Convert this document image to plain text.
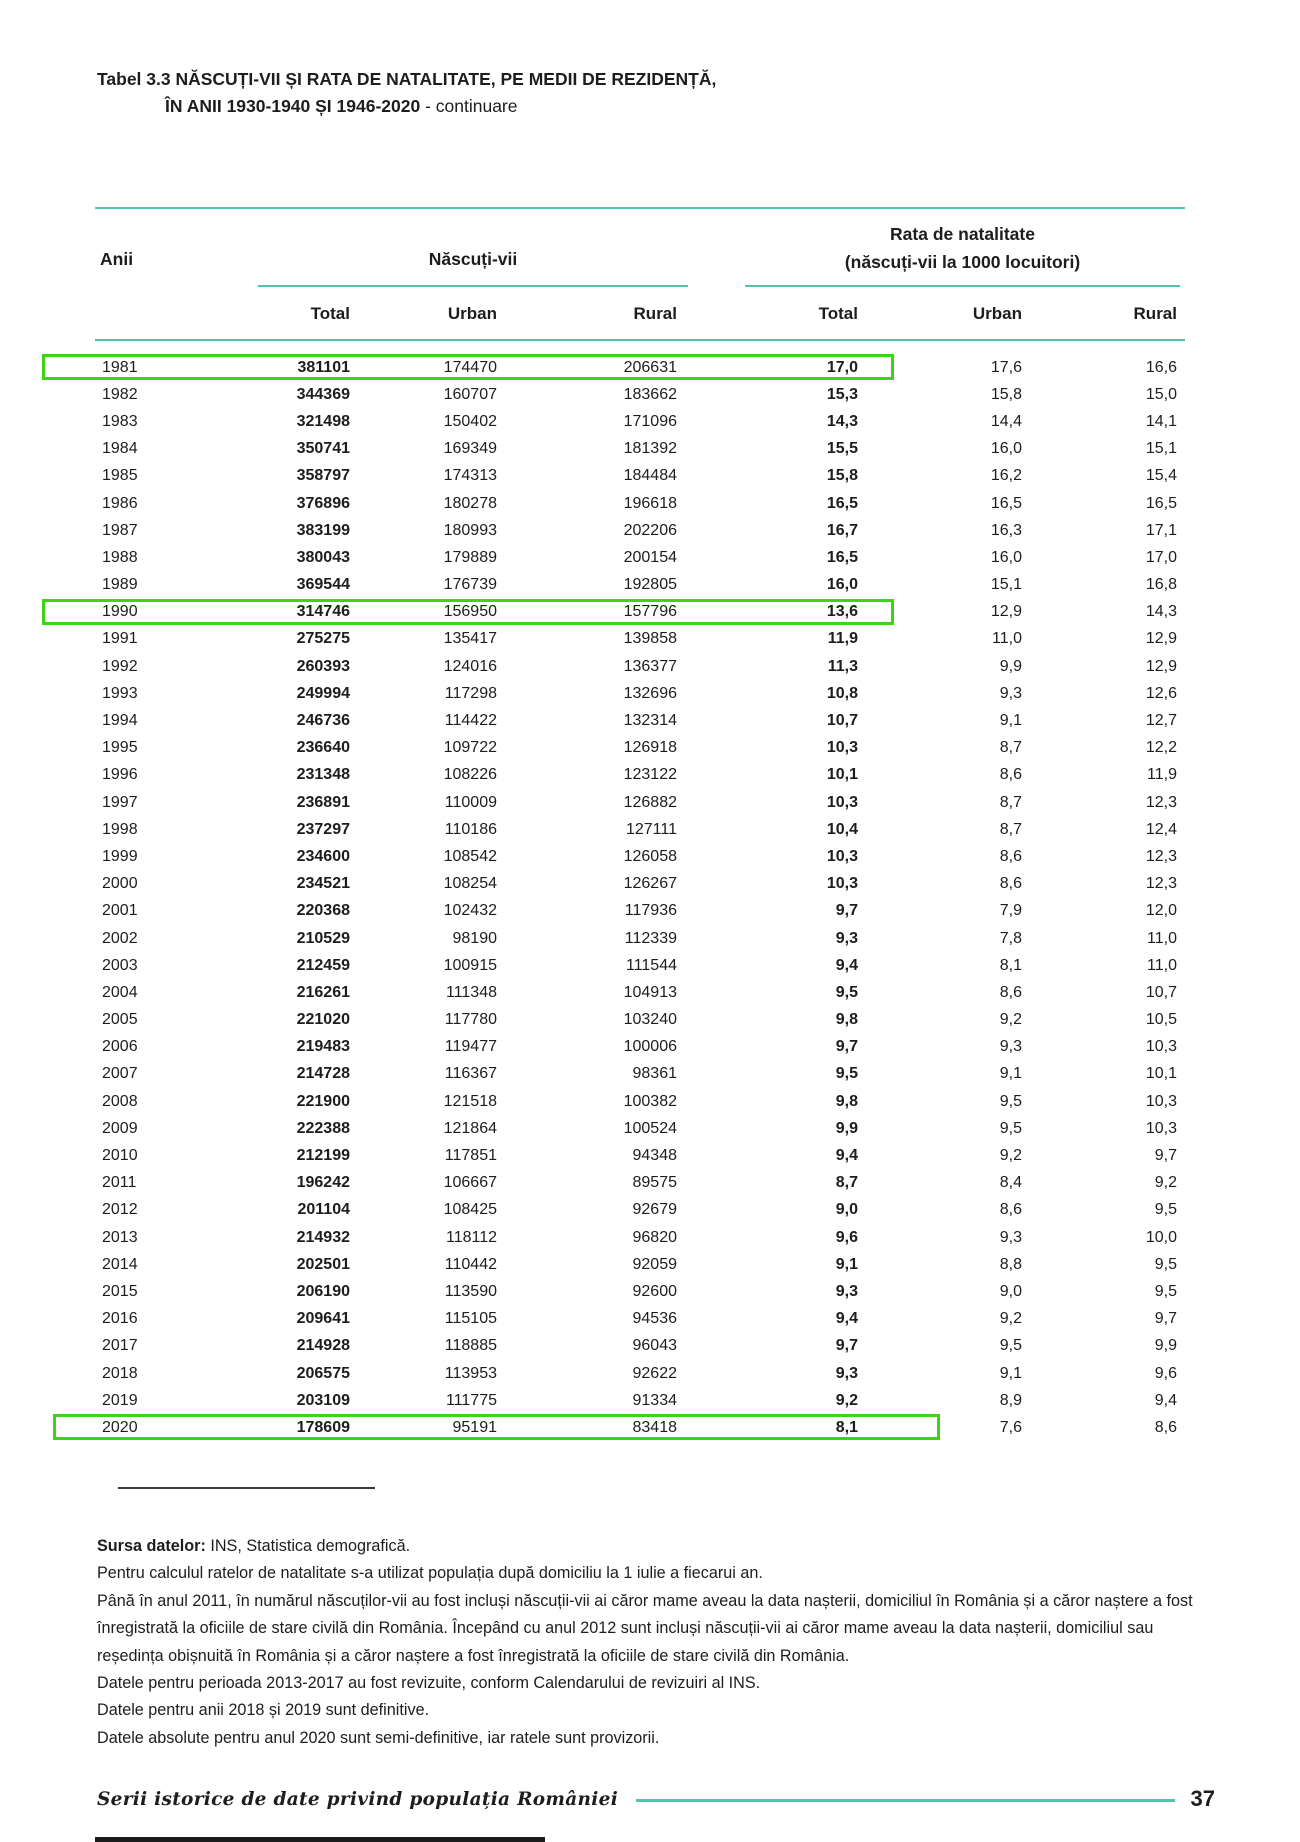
Tabel 3.3 NĂSCUȚI-VII ȘI RATA DE NATALITATE, PE MEDII DE REZIDENȚĂ,
ÎN ANII 1930-1940 ȘI 1946-2020 - continuare
Anii	Născuți-vii
Rata de natalitate
(născuți-vii la 1000 locuitori)
Total	Urban	Rural	Total	Urban	Rural
1981	381101	174470	206631	17,0	17,6	16,6
1982	344369	160707	183662	15,3	15,8	15,0
1983	321498	150402	171096	14,3	14,4	14,1
1984	350741	169349	181392	15,5	16,0	15,1
1985	358797	174313	184484	15,8	16,2	15,4
1986	376896	180278	196618	16,5	16,5	16,5
1987	383199	180993	202206	16,7	16,3	17,1
1988	380043	179889	200154	16,5	16,0	17,0
1989	369544	176739	192805	16,0	15,1	16,8
1990	314746	156950	157796	13,6	12,9	14,3
1991	275275	135417	139858	11,9	11,0	12,9
1992	260393	124016	136377	11,3	9,9	12,9
1993	249994	117298	132696	10,8	9,3	12,6
1994	246736	114422	132314	10,7	9,1	12,7
1995	236640	109722	126918	10,3	8,7	12,2
1996	231348	108226	123122	10,1	8,6	11,9
1997	236891	110009	126882	10,3	8,7	12,3
1998	237297	110186	127111	10,4	8,7	12,4
1999	234600	108542	126058	10,3	8,6	12,3
2000	234521	108254	126267	10,3	8,6	12,3
2001	220368	102432	117936	9,7	7,9	12,0
2002	210529	98190	112339	9,3	7,8	11,0
2003	212459	100915	111544	9,4	8,1	11,0
2004	216261	111348	104913	9,5	8,6	10,7
2005	221020	117780	103240	9,8	9,2	10,5
2006	219483	119477	100006	9,7	9,3	10,3
2007	214728	116367	98361	9,5	9,1	10,1
2008	221900	121518	100382	9,8	9,5	10,3
2009	222388	121864	100524	9,9	9,5	10,3
2010	212199	117851	94348	9,4	9,2	9,7
2011	196242	106667	89575	8,7	8,4	9,2
2012	201104	108425	92679	9,0	8,6	9,5
2013	214932	118112	96820	9,6	9,3	10,0
2014	202501	110442	92059	9,1	8,8	9,5
2015	206190	113590	92600	9,3	9,0	9,5
2016	209641	115105	94536	9,4	9,2	9,7
2017	214928	118885	96043	9,7	9,5	9,9
2018	206575	113953	92622	9,3	9,1	9,6
2019	203109	111775	91334	9,2	8,9	9,4
2020	178609	95191	83418	8,1	7,6	8,6

Sursa datelor: INS, Statistica demografică.

Pentru calculul ratelor de natalitate s-a utilizat populația după domiciliu la 1 iulie a fiecarui an.

Până în anul 2011, în numărul născuților-vii au fost incluși născuții-vii ai căror mame aveau la data nașterii, domiciliul în România și a căror naștere a fost înregistrată la oficiile de stare civilă din România. Începând cu anul 2012 sunt incluși născuții-vii ai căror mame aveau la data nașterii, domiciliul sau reședința obișnuită în România și a căror naștere a fost înregistrată la oficiile de stare civilă din România.

Datele pentru perioada 2013-2017 au fost revizuite, conform Calendarului de revizuiri al INS.

Datele pentru anii 2018 și 2019 sunt definitive.

Datele absolute pentru anul 2020 sunt semi-definitive, iar ratele sunt provizorii.

Serii istorice de date privind populația României	37
